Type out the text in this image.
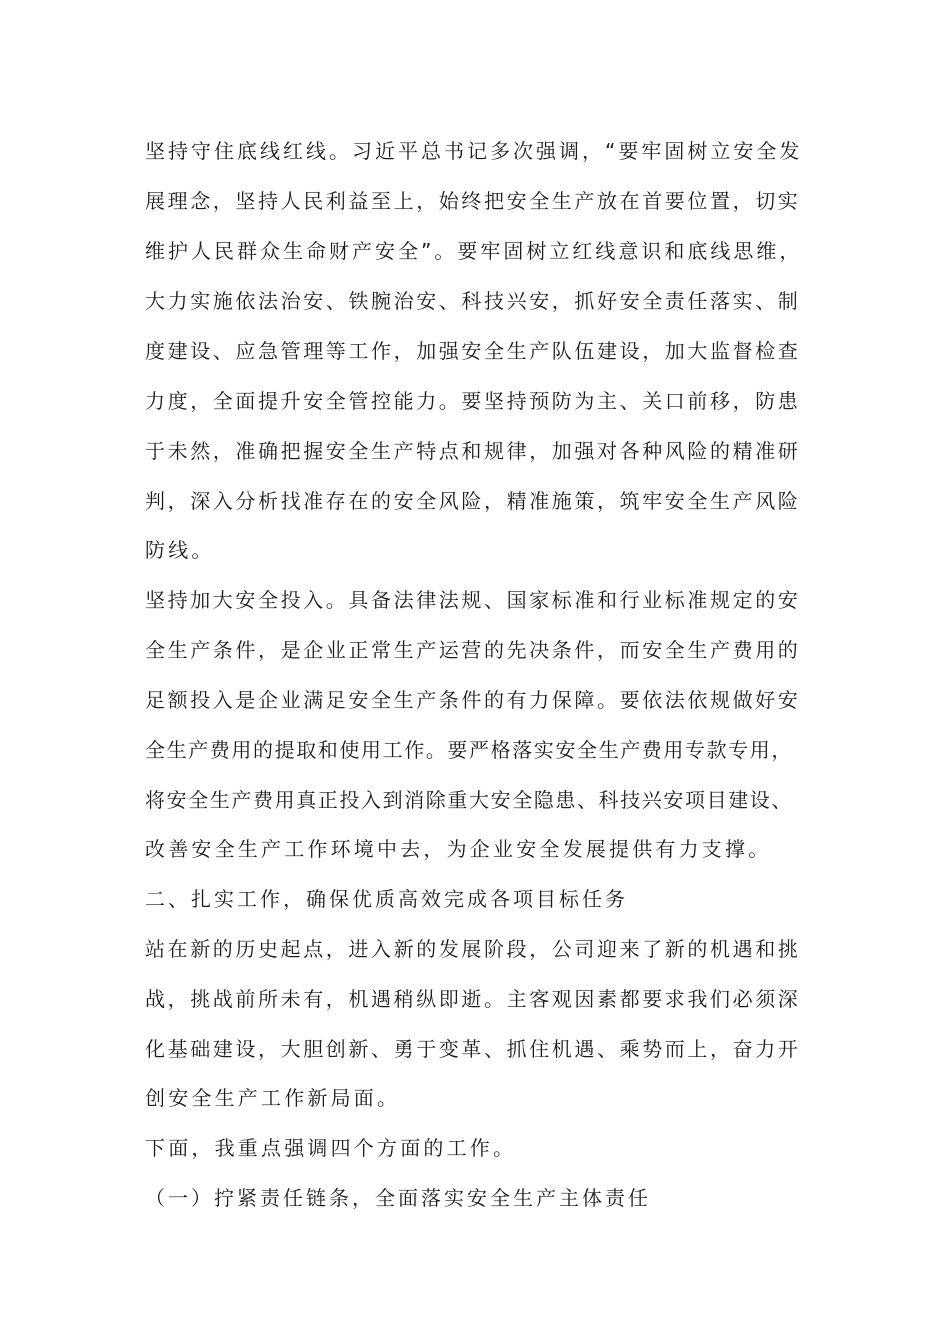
坚持守住底线红线。习近平总书记多次强调，“要牢固树立安全发
展理念，坚持人民利益至上，始终把安全生产放在首要位置，切实
维护人民群众生命财产安全”。要牢固树立红线意识和底线思维，
大力实施依法治安、铁腕治安、科技兴安，抓好安全责任落实、制
度建设、应急管理等工作，加强安全生产队伍建设，加大监督检查
力度，全面提升安全管控能力。要坚持预防为主、关口前移，防患
于未然，准确把握安全生产特点和规律，加强对各种风险的精准研
判，深入分析找准存在的安全风险，精准施策，筑牢安全生产风险
防线。
坚持加大安全投入。具备法律法规、国家标准和行业标准规定的安
全生产条件，是企业正常生产运营的先决条件，而安全生产费用的
足额投入是企业满足安全生产条件的有力保障。要依法依规做好安
全生产费用的提取和使用工作。要严格落实安全生产费用专款专用，
将安全生产费用真正投入到消除重大安全隐患、科技兴安项目建设、
改善安全生产工作环境中去，为企业安全发展提供有力支撑。
二、扎实工作，确保优质高效完成各项目标任务
站在新的历史起点，进入新的发展阶段，公司迎来了新的机遇和挑
战，挑战前所未有，机遇稍纵即逝。主客观因素都要求我们必须深
化基础建设，大胆创新、勇于变革、抓住机遇、乘势而上，奋力开
创安全生产工作新局面。
下面，我重点强调四个方面的工作。
（一）拧紧责任链条，全面落实安全生产主体责任
